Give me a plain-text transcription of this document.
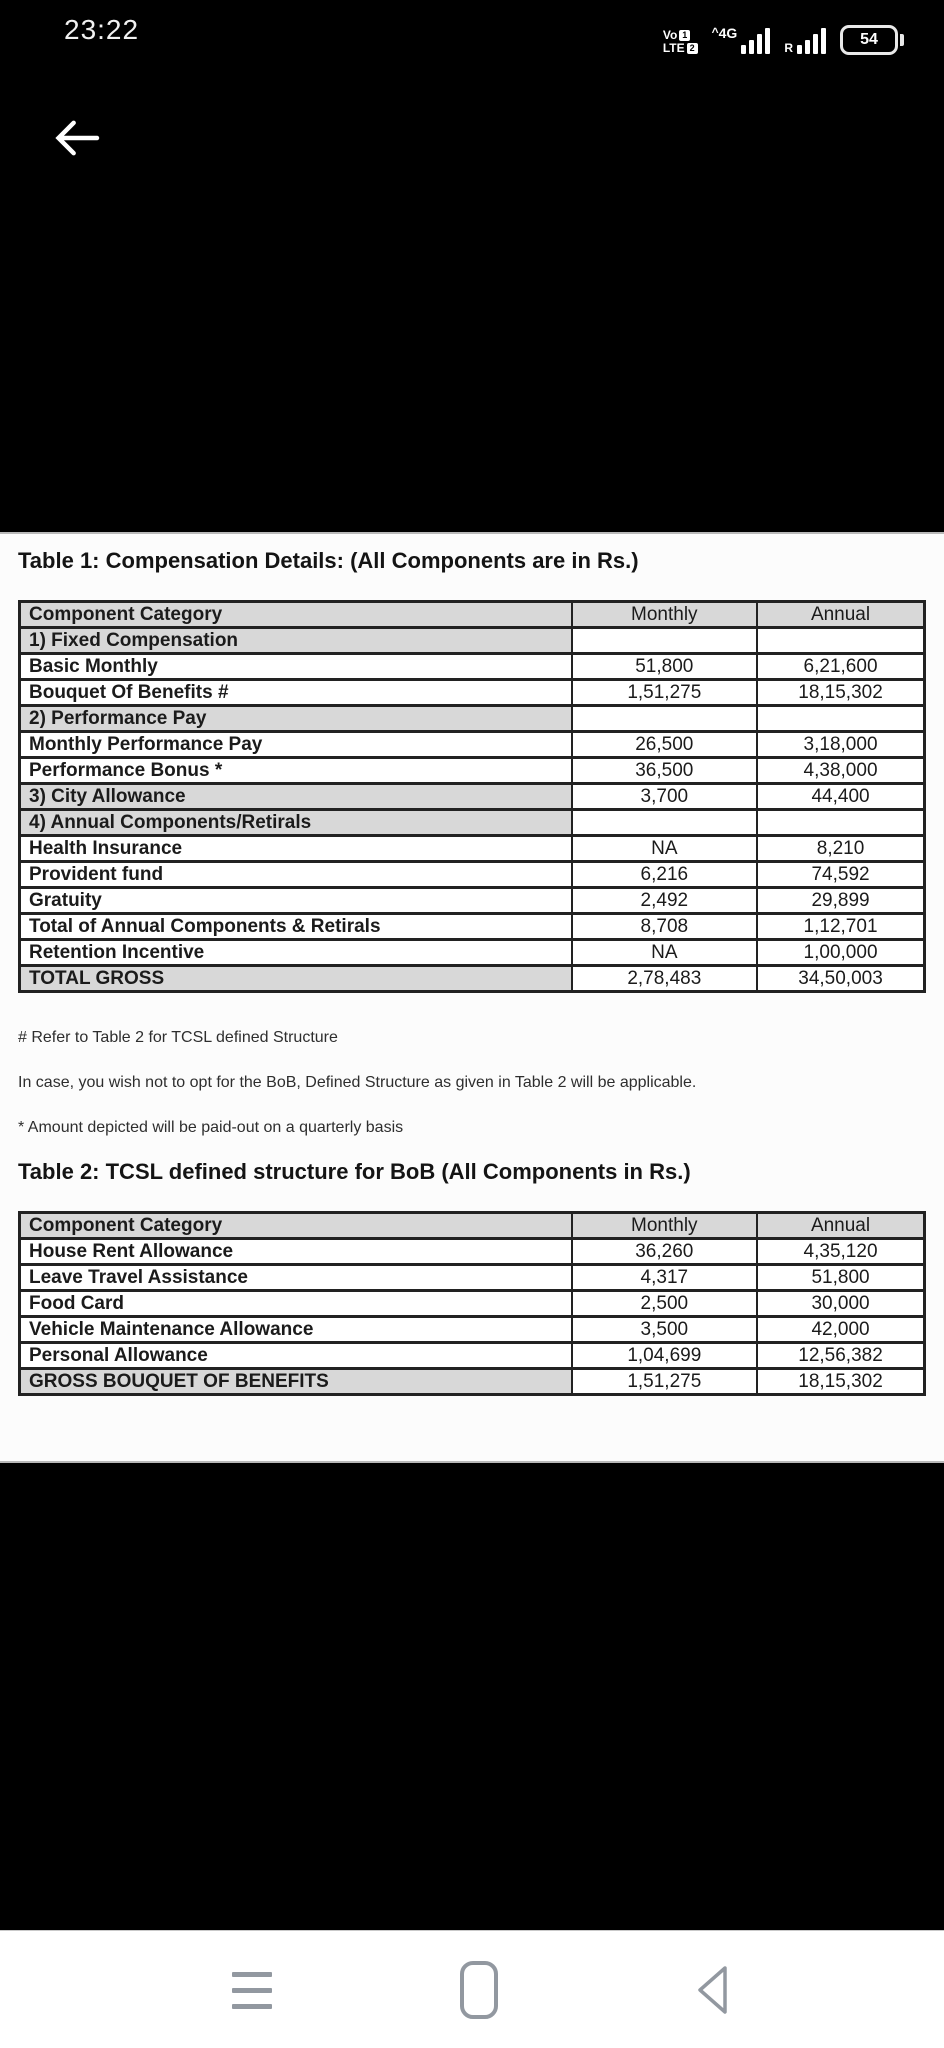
23:22	Vo 1
LTE 2
^4G
R	54
Table 1: Compensation Details: (All Components are in Rs.)
Component Category	Monthly	Annual
1) Fixed Compensation		
Basic Monthly	51,800	6,21,600
Bouquet Of Benefits #	1,51,275	18,15,302
2) Performance Pay		
Monthly Performance Pay	26,500	3,18,000
Performance Bonus *	36,500	4,38,000
3) City Allowance	3,700	44,400
4) Annual Components/Retirals		
Health Insurance	NA	8,210
Provident fund	6,216	74,592
Gratuity	2,492	29,899
Total of Annual Components & Retirals	8,708	1,12,701
Retention Incentive	NA	1,00,000
TOTAL GROSS	2,78,483	34,50,003
# Refer to Table 2 for TCSL defined Structure
In case, you wish not to opt for the BoB, Defined Structure as given in Table 2 will be applicable.
* Amount depicted will be paid-out on a quarterly basis
Table 2: TCSL defined structure for BoB (All Components in Rs.)
Component Category	Monthly	Annual
House Rent Allowance	36,260	4,35,120
Leave Travel Assistance	4,317	51,800
Food Card	2,500	30,000
Vehicle Maintenance Allowance	3,500	42,000
Personal Allowance	1,04,699	12,56,382
GROSS BOUQUET OF BENEFITS	1,51,275	18,15,302
